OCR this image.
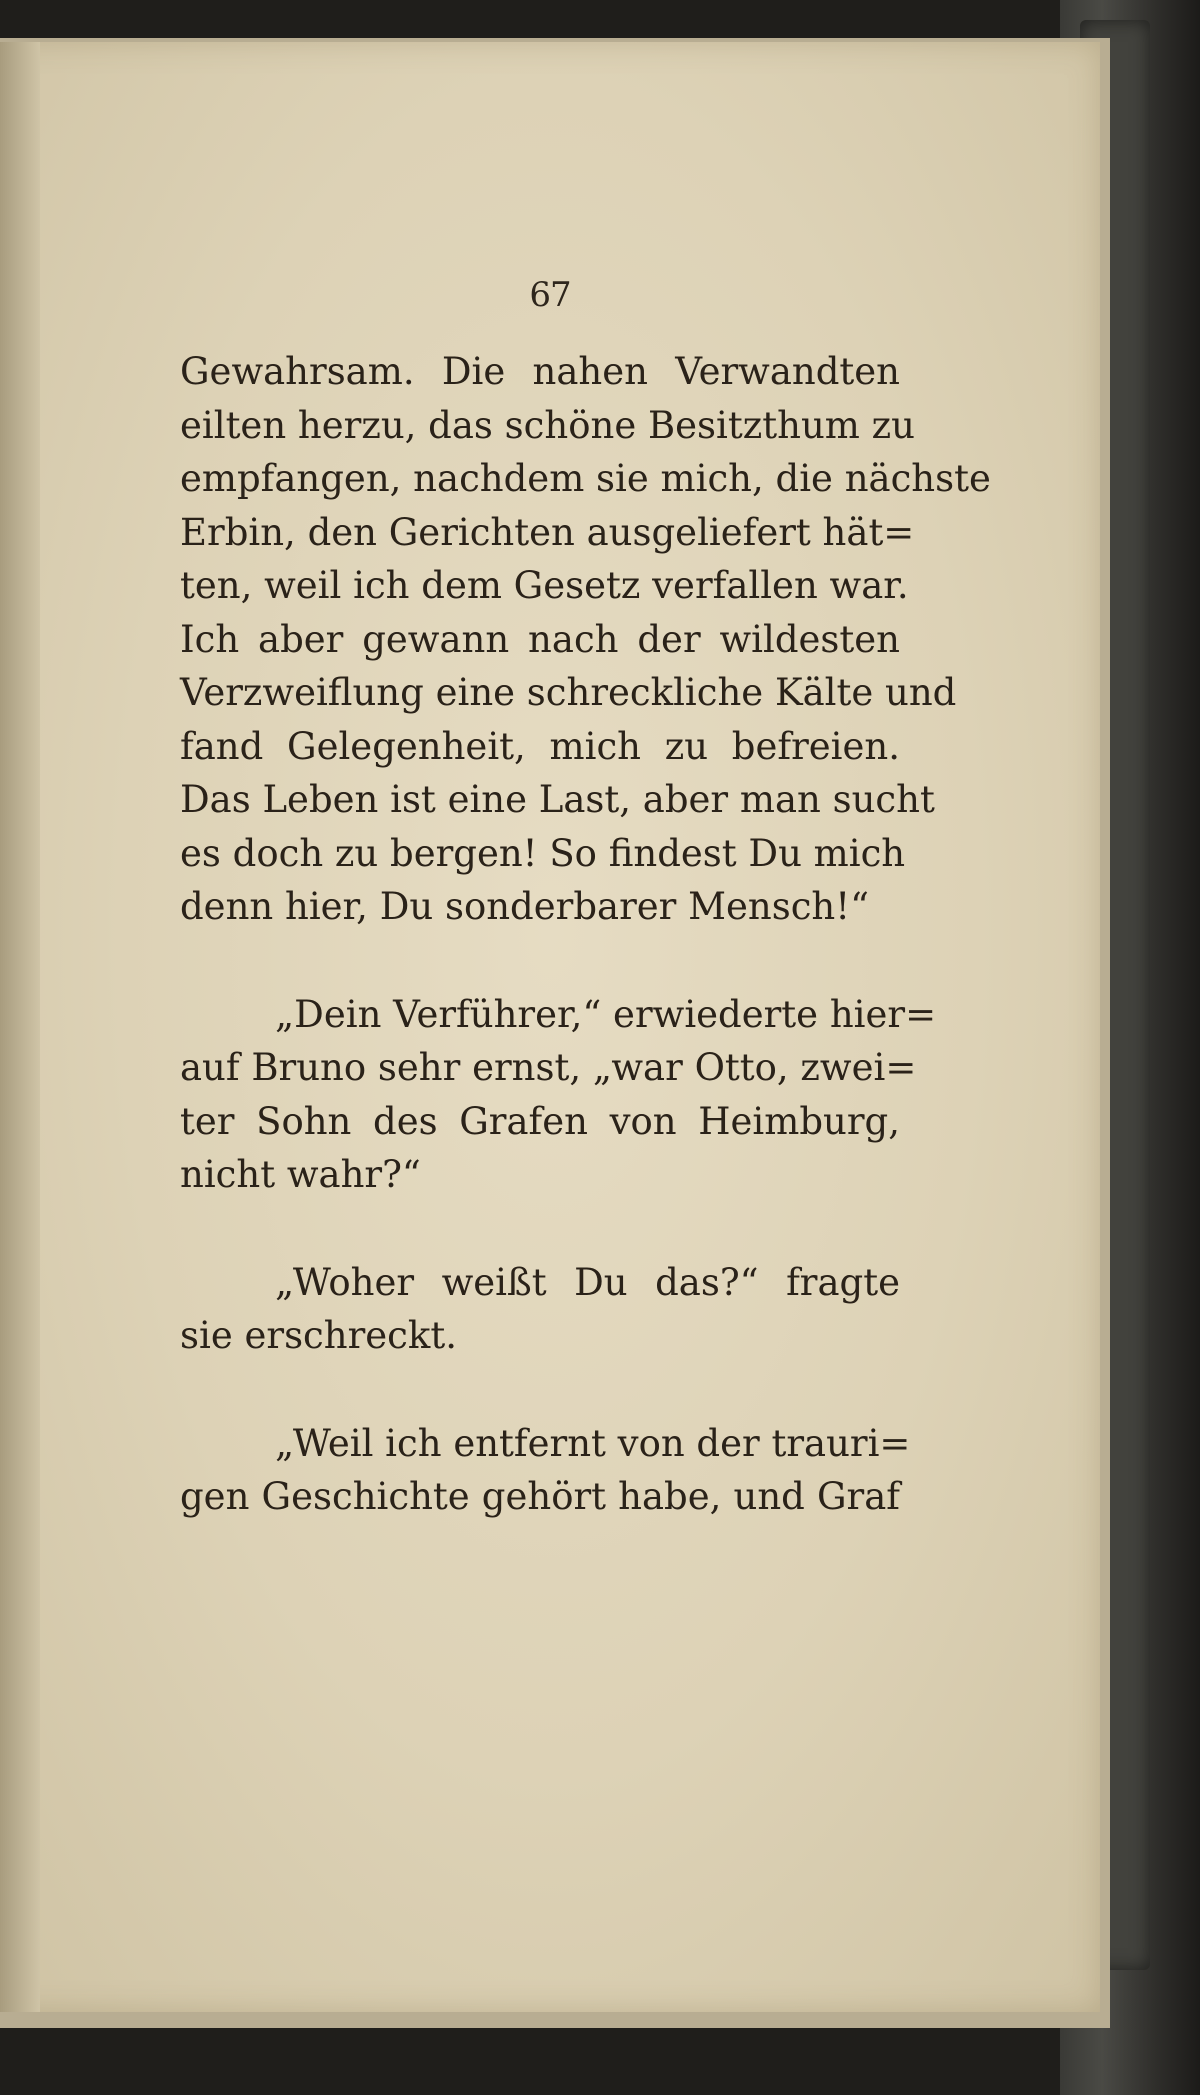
67
Gewahrsam. Die nahen Verwandten
eilten herzu, das schöne Besitzthum zu
empfangen, nachdem sie mich, die nächste
Erbin, den Gerichten ausgeliefert hät=
ten, weil ich dem Gesetz verfallen war.
Ich aber gewann nach der wildesten
Verzweiflung eine schreckliche Kälte und
fand Gelegenheit, mich zu befreien.
Das Leben ist eine Last, aber man sucht
es doch zu bergen! So findest Du mich
denn hier, Du sonderbarer Mensch!“
„Dein Verführer,“ erwiederte hier=
auf Bruno sehr ernst, „war Otto, zwei=
ter Sohn des Grafen von Heimburg,
nicht wahr?“
„Woher weißt Du das?“ fragte
sie erschreckt.
„Weil ich entfernt von der trauri=
gen Geschichte gehört habe, und Graf
